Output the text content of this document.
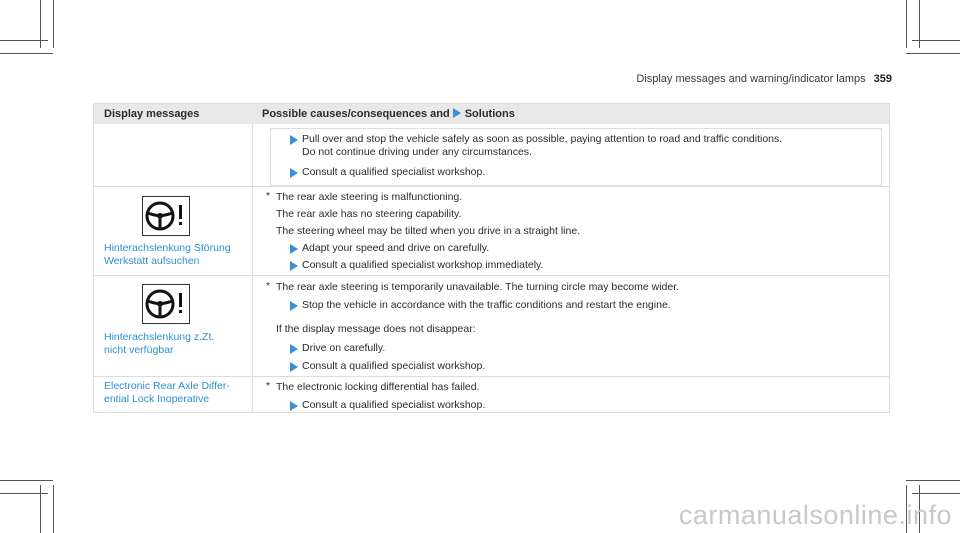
Display messages and warning/indicator lamps 359
Display messages	Possible causes/consequences and Solutions
Pull over and stop the vehicle safely as soon as possible, paying attention to road and traffic conditions.
Do not continue driving under any circumstances.
Consult a qualified specialist workshop.
Hinterachslenkung Störung
Werkstatt aufsuchen
* The rear axle steering is malfunctioning.
The rear axle has no steering capability.
The steering wheel may be tilted when you drive in a straight line.
Adapt your speed and drive on carefully.
Consult a qualified specialist workshop immediately.
Hinterachslenkung z.Zt.
nicht verfügbar
* The rear axle steering is temporarily unavailable. The turning circle may become wider.
Stop the vehicle in accordance with the traffic conditions and restart the engine.
If the display message does not disappear:
Drive on carefully.
Consult a qualified specialist workshop.
Electronic Rear Axle Differ-
ential Lock Inoperative
* The electronic locking differential has failed.
Consult a qualified specialist workshop.
carmanualsonline.info
